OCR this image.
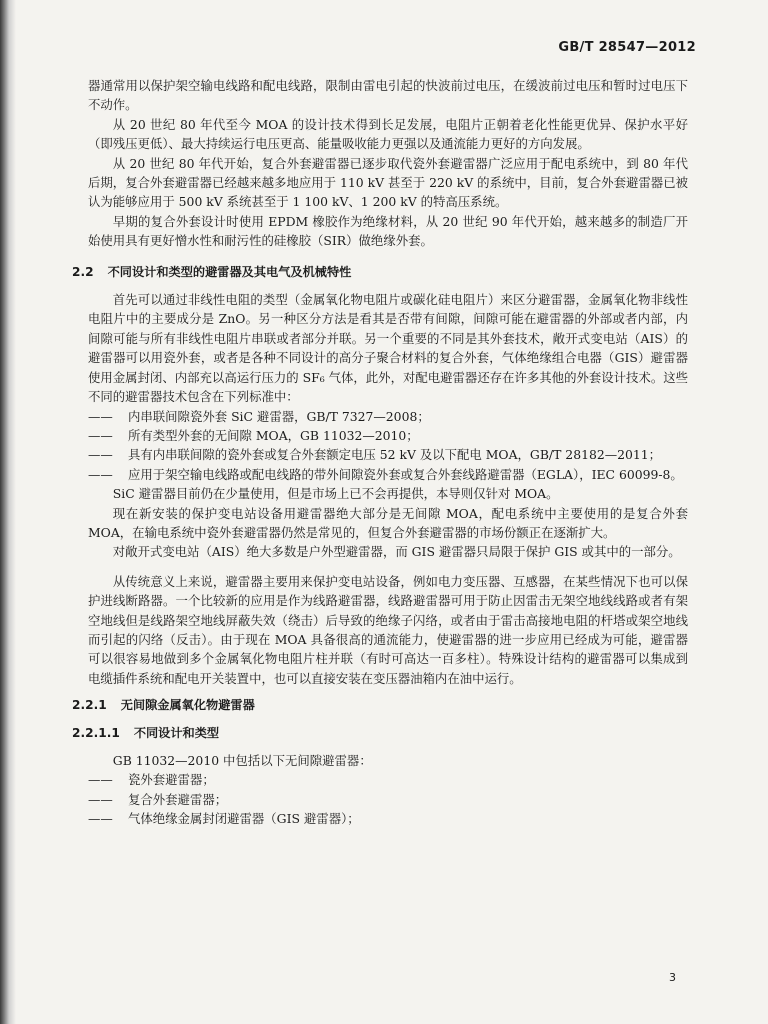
GB/T 28547—2012

器通常用以保护架空输电线路和配电线路，限制由雷电引起的快波前过电压，在缓波前过电压和暂时过电压下不动作。

从 20 世纪 80 年代至今 MOA 的设计技术得到长足发展，电阻片正朝着老化性能更优异、保护水平好（即残压更低）、最大持续运行电压更高、能量吸收能力更强以及通流能力更好的方向发展。

从 20 世纪 80 年代开始，复合外套避雷器已逐步取代瓷外套避雷器广泛应用于配电系统中，到 80 年代后期，复合外套避雷器已经越来越多地应用于 110 kV 甚至于 220 kV 的系统中，目前，复合外套避雷器已被认为能够应用于 500 kV 系统甚至于 1 100 kV、1 200 kV 的特高压系统。

早期的复合外套设计时使用 EPDM 橡胶作为绝缘材料，从 20 世纪 90 年代开始，越来越多的制造厂开始使用具有更好憎水性和耐污性的硅橡胶（SIR）做绝缘外套。

2.2 不同设计和类型的避雷器及其电气及机械特性

首先可以通过非线性电阻的类型（金属氧化物电阻片或碳化硅电阻片）来区分避雷器，金属氧化物非线性电阻片中的主要成分是 ZnO。另一种区分方法是看其是否带有间隙，间隙可能在避雷器的外部或者内部，内间隙可能与所有非线性电阻片串联或者部分并联。另一个重要的不同是其外套技术，敞开式变电站（AIS）的避雷器可以用瓷外套，或者是各种不同设计的高分子聚合材料的复合外套，气体绝缘组合电器（GIS）避雷器使用金属封闭、内部充以高运行压力的 SF₆ 气体，此外，对配电避雷器还存在许多其他的外套设计技术。这些不同的避雷器技术包含在下列标准中：

—— 内串联间隙瓷外套 SiC 避雷器，GB/T 7327—2008；

—— 所有类型外套的无间隙 MOA，GB 11032—2010；

—— 具有内串联间隙的瓷外套或复合外套额定电压 52 kV 及以下配电 MOA，GB/T 28182—2011；

—— 应用于架空输电线路或配电线路的带外间隙瓷外套或复合外套线路避雷器（EGLA），IEC 60099-8。

SiC 避雷器目前仍在少量使用，但是市场上已不会再提供，本导则仅针对 MOA。

现在新安装的保护变电站设备用避雷器绝大部分是无间隙 MOA，配电系统中主要使用的是复合外套 MOA，在输电系统中瓷外套避雷器仍然是常见的，但复合外套避雷器的市场份额正在逐渐扩大。

对敞开式变电站（AIS）绝大多数是户外型避雷器，而 GIS 避雷器只局限于保护 GIS 或其中的一部分。

从传统意义上来说，避雷器主要用来保护变电站设备，例如电力变压器、互感器，在某些情况下也可以保护进线断路器。一个比较新的应用是作为线路避雷器，线路避雷器可用于防止因雷击无架空地线线路或者有架空地线但是线路架空地线屏蔽失效（绕击）后导致的绝缘子闪络，或者由于雷击高接地电阻的杆塔或架空地线而引起的闪络（反击）。由于现在 MOA 具备很高的通流能力，使避雷器的进一步应用已经成为可能，避雷器可以很容易地做到多个金属氧化物电阻片柱并联（有时可高达一百多柱）。特殊设计结构的避雷器可以集成到电缆插件系统和配电开关装置中，也可以直接安装在变压器油箱内在油中运行。

2.2.1 无间隙金属氧化物避雷器
2.2.1.1 不同设计和类型

GB 11032—2010 中包括以下无间隙避雷器：

—— 瓷外套避雷器；

—— 复合外套避雷器；

—— 气体绝缘金属封闭避雷器（GIS 避雷器）；

3
